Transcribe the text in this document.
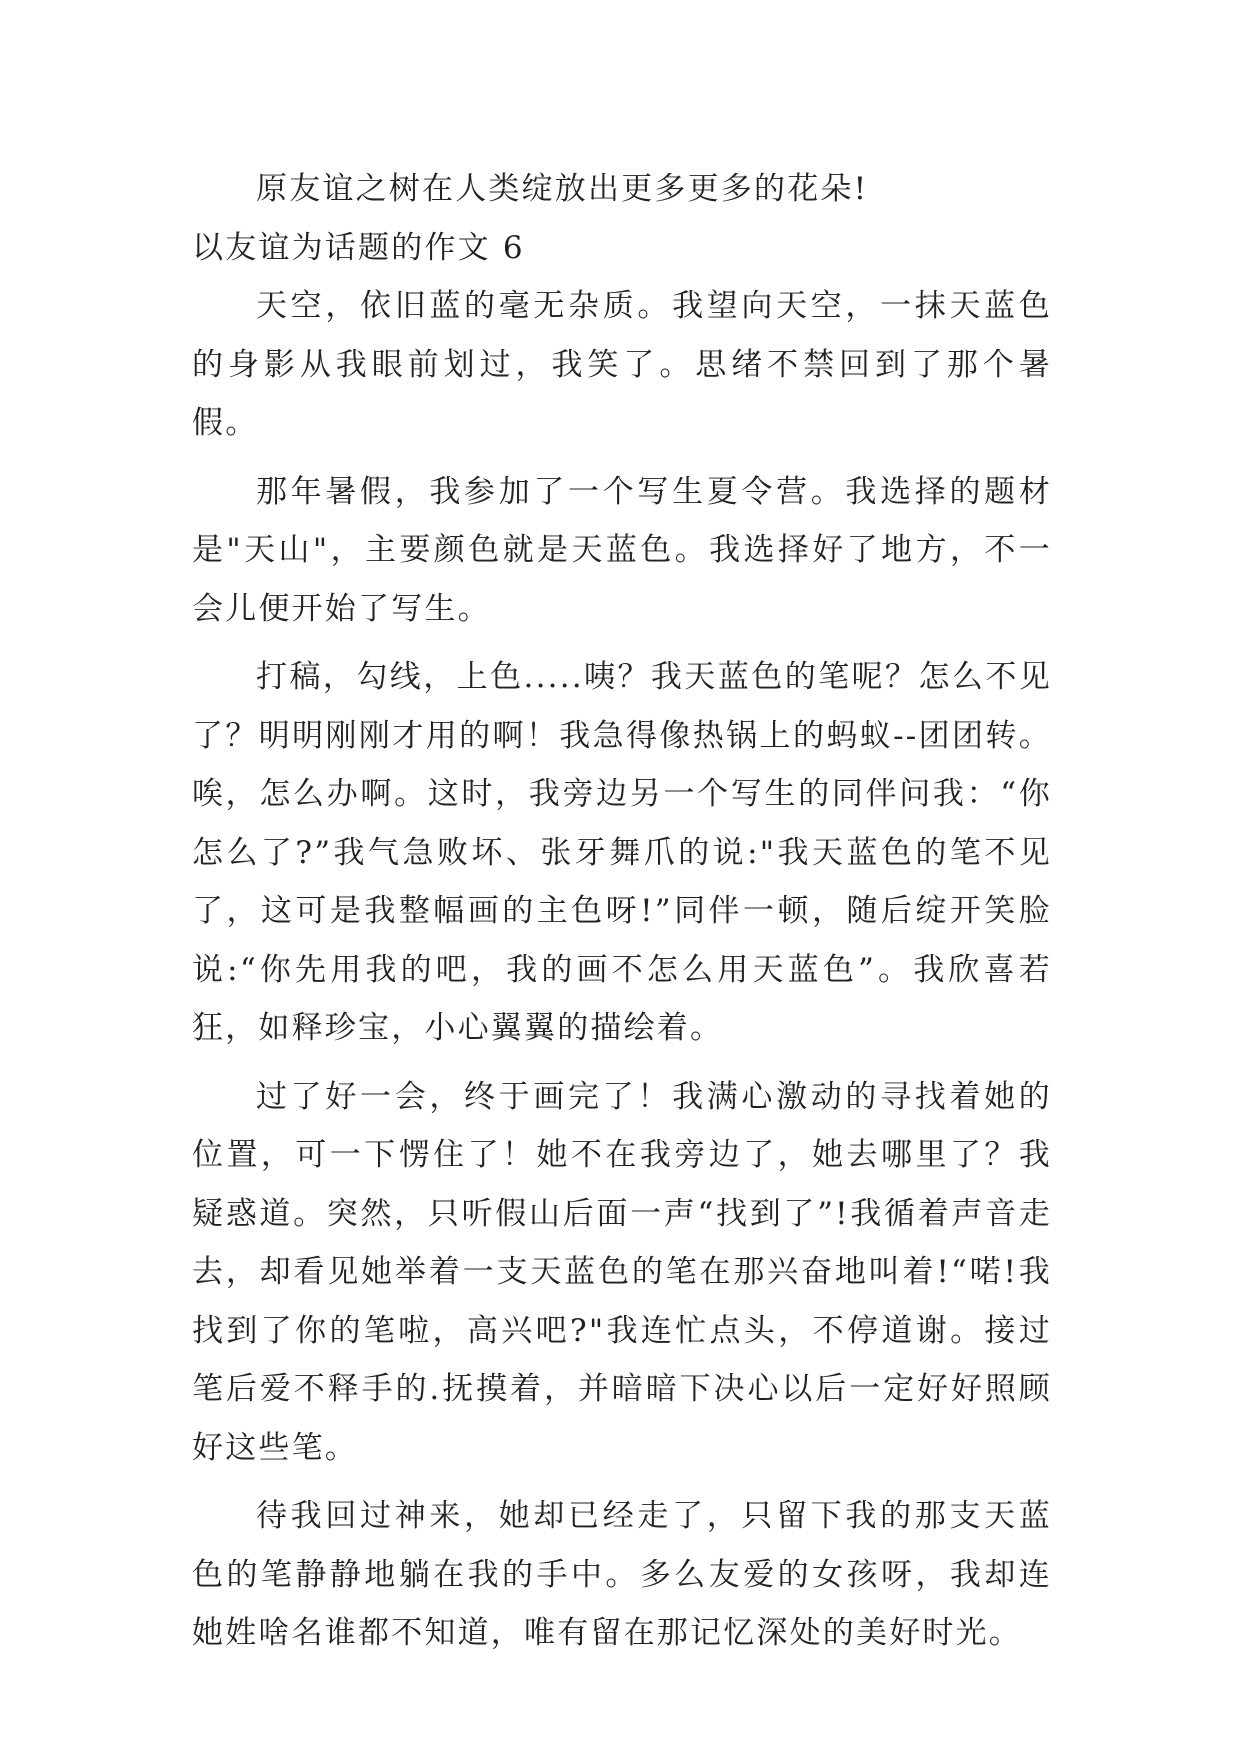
原友谊之树在人类绽放出更多更多的花朵!

以友谊为话题的作文 6

天空，依旧蓝的毫无杂质。我望向天空，一抹天蓝色的身影从我眼前划过，我笑了。思绪不禁回到了那个暑假。

那年暑假，我参加了一个写生夏令营。我选择的题材是"天山"，主要颜色就是天蓝色。我选择好了地方，不一会儿便开始了写生。

打稿，勾线，上色.....咦？我天蓝色的笔呢？怎么不见了？明明刚刚才用的啊！我急得像热锅上的蚂蚁--团团转。唉，怎么办啊。这时，我旁边另一个写生的同伴问我：“你怎么了?”我气急败坏、张牙舞爪的说:"我天蓝色的笔不见了，这可是我整幅画的主色呀!”同伴一顿，随后绽开笑脸说:“你先用我的吧，我的画不怎么用天蓝色”。我欣喜若狂，如释珍宝，小心翼翼的描绘着。

过了好一会，终于画完了！我满心激动的寻找着她的位置，可一下愣住了！她不在我旁边了，她去哪里了？我疑惑道。突然，只听假山后面一声“找到了”!我循着声音走去，却看见她举着一支天蓝色的笔在那兴奋地叫着!“喏!我找到了你的笔啦，高兴吧?"我连忙点头，不停道谢。接过笔后爱不释手的.抚摸着，并暗暗下决心以后一定好好照顾好这些笔。

待我回过神来，她却已经走了，只留下我的那支天蓝色的笔静静地躺在我的手中。多么友爱的女孩呀，我却连她姓啥名谁都不知道，唯有留在那记忆深处的美好时光。
